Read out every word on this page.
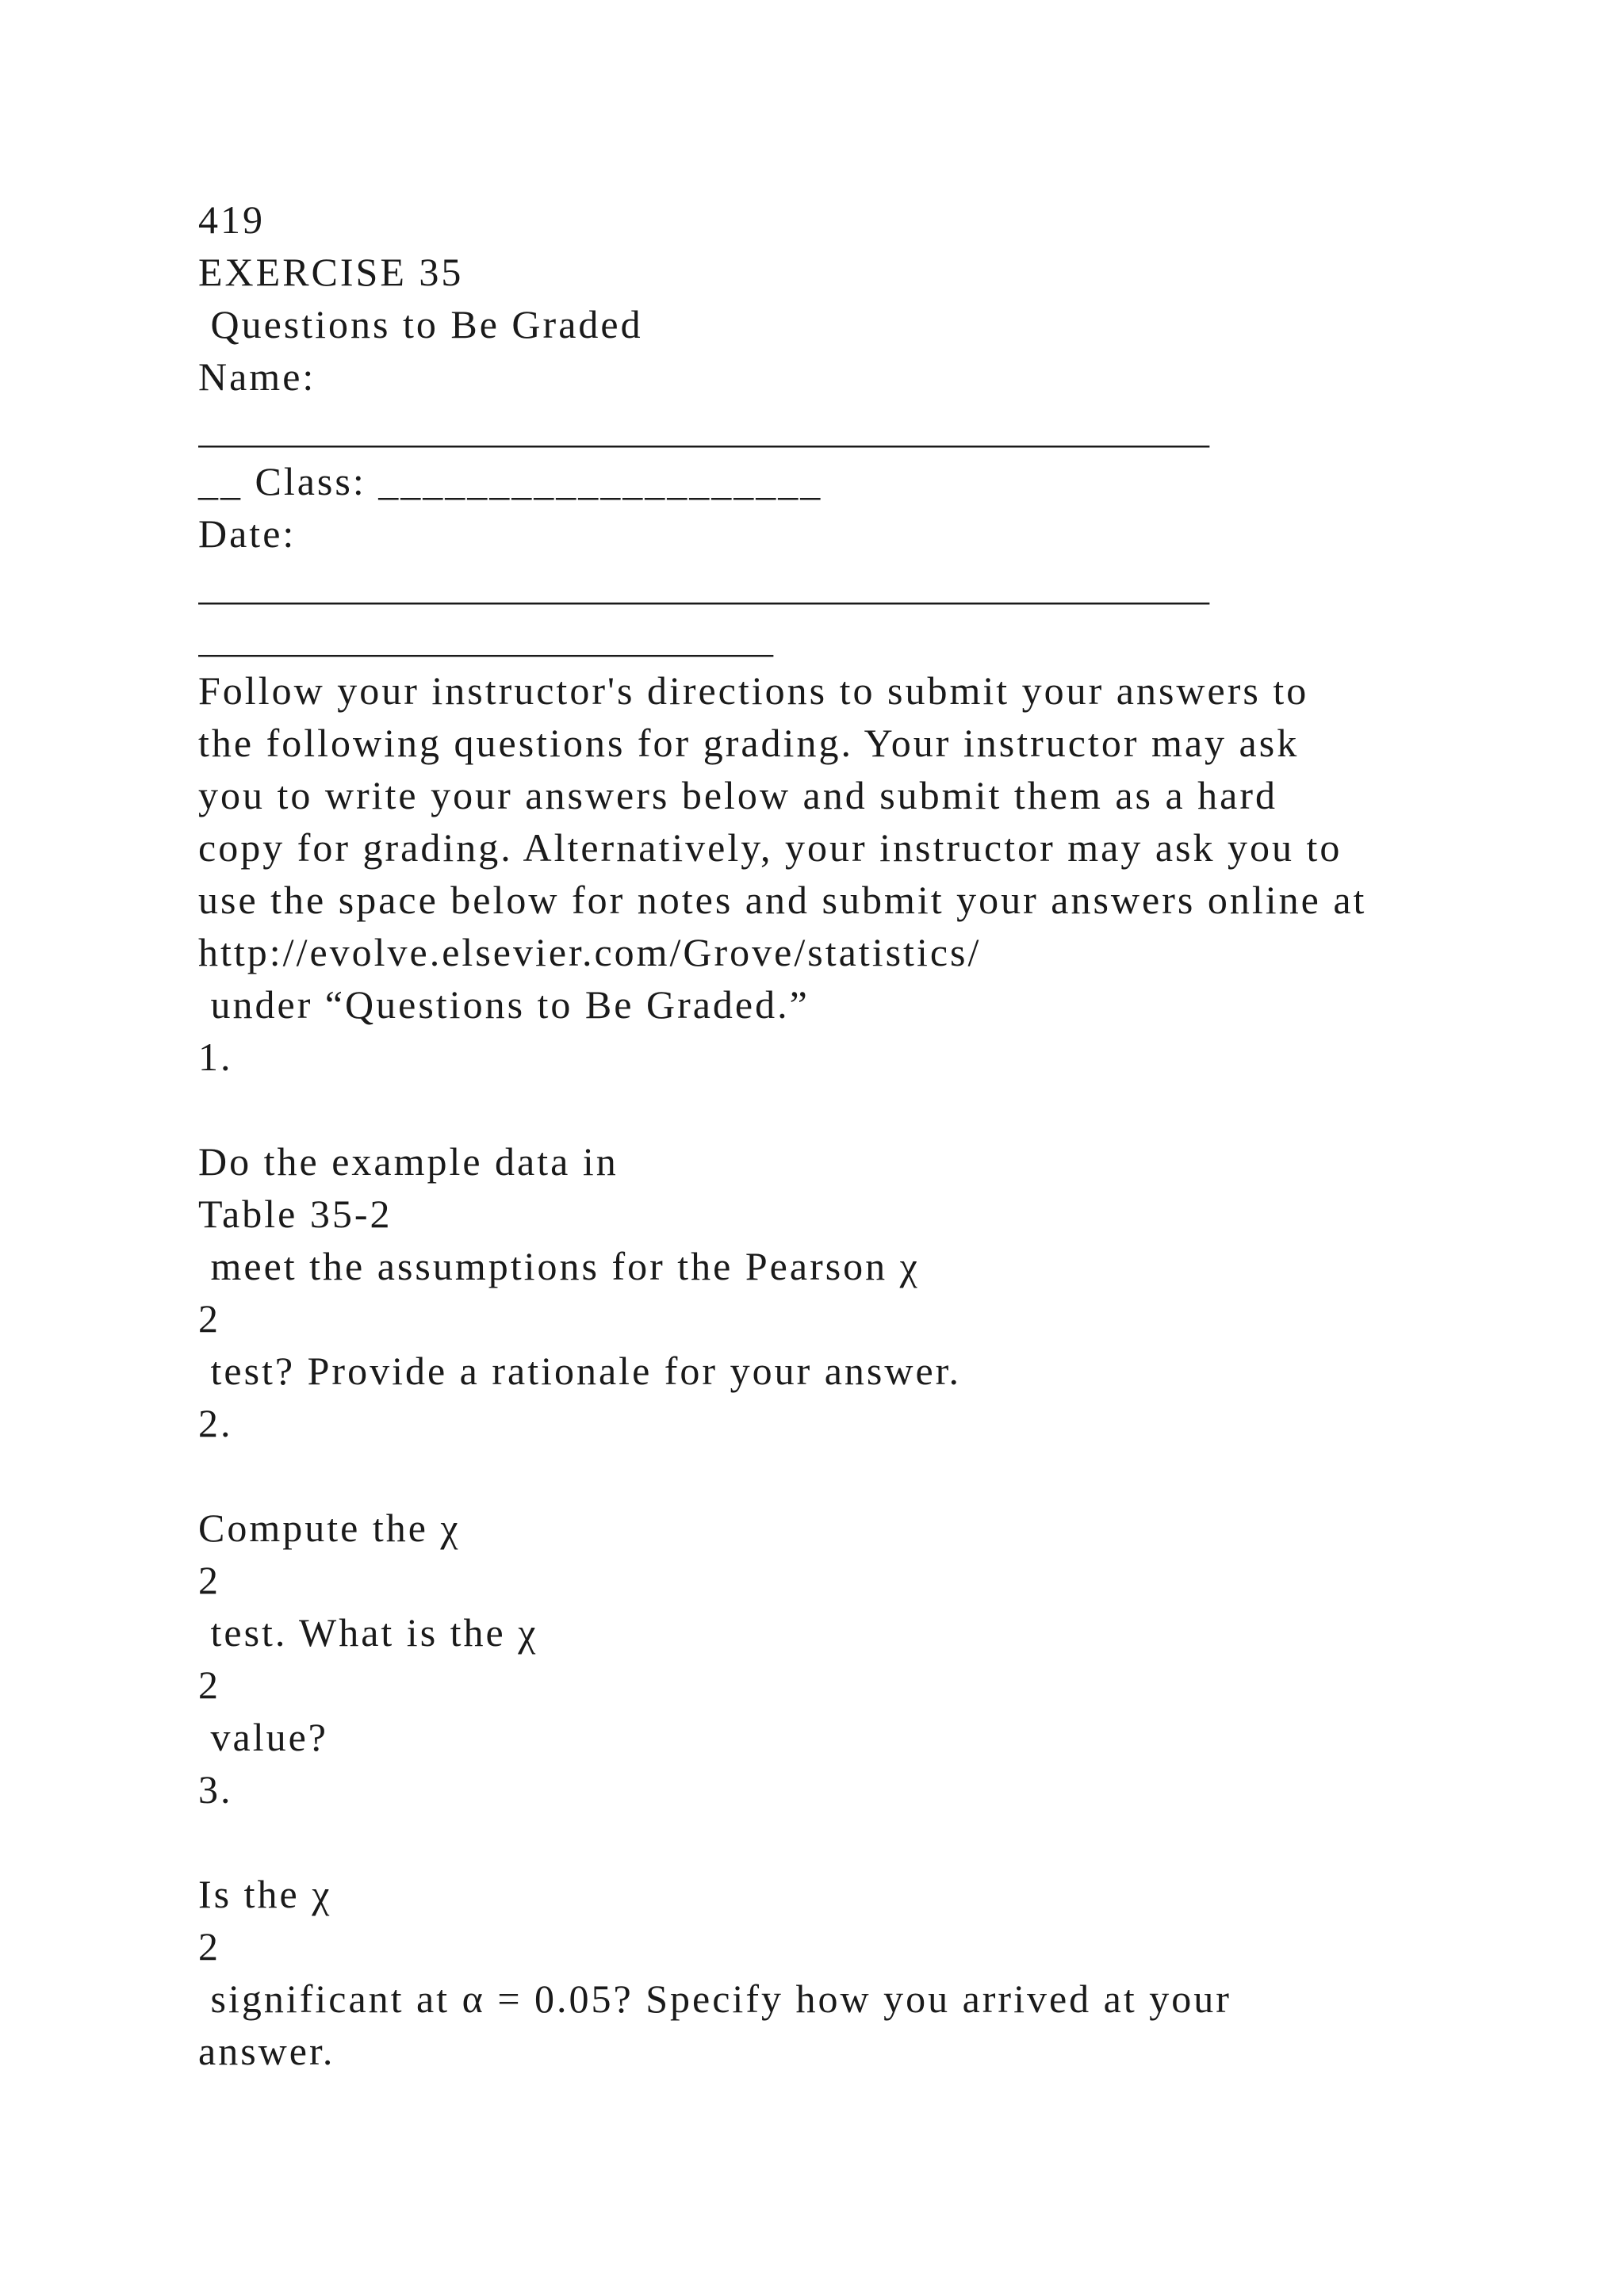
419
EXERCISE 35
Questions to Be Graded
Name:
___________________________________________________
__ Class: ____________________
Date:
___________________________________________________
_____________________________
Follow your instructor's directions to submit your answers to
the following questions for grading. Your instructor may ask
you to write your answers below and submit them as a hard
copy for grading. Alternatively, your instructor may ask you to
use the space below for notes and submit your answers online at
http://evolve.elsevier.com/Grove/statistics/
under “Questions to Be Graded.”
1.
Do the example data in
Table 35-2
meet the assumptions for the Pearson χ
2
test? Provide a rationale for your answer.
2.
Compute the χ
2
test. What is the χ
2
value?
3.
Is the χ
2
significant at α = 0.05? Specify how you arrived at your
answer.
